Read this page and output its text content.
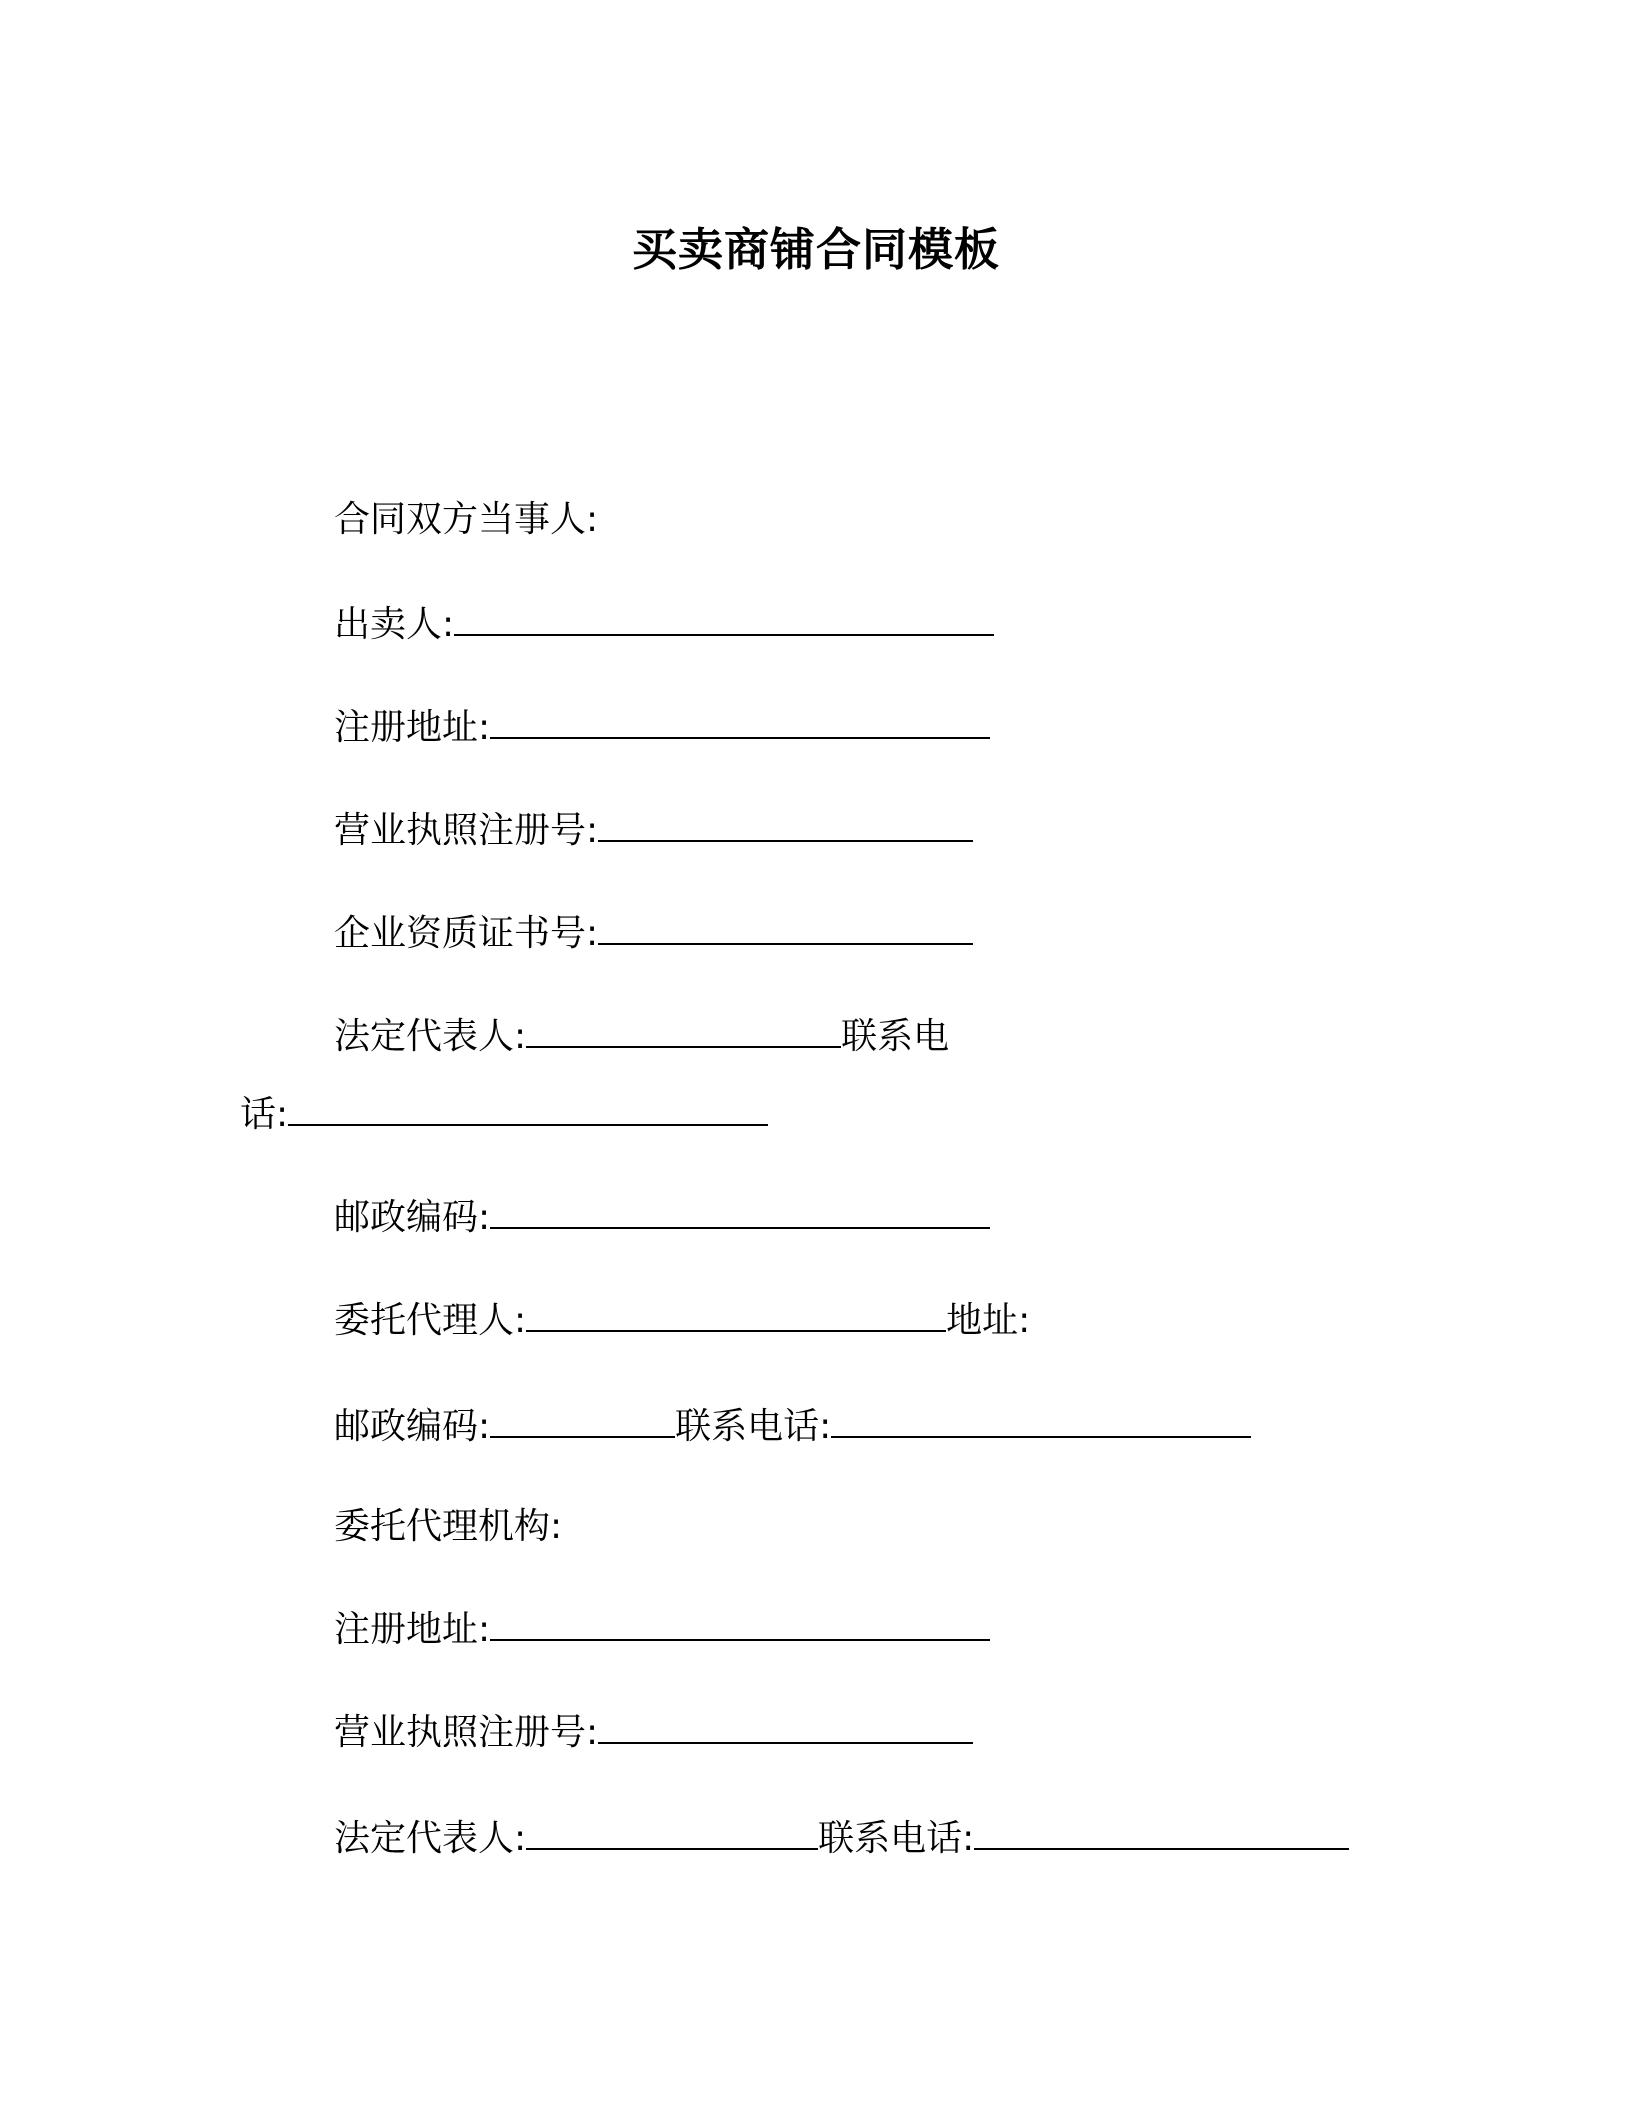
买卖商铺合同模板
合同双方当事人:
出卖人:
注册地址:
营业执照注册号:
企业资质证书号:
法定代表人:	联系电
话:
邮政编码:
委托代理人:	地址:
邮政编码:	联系电话:
委托代理机构:
注册地址:
营业执照注册号:
法定代表人:	联系电话:
